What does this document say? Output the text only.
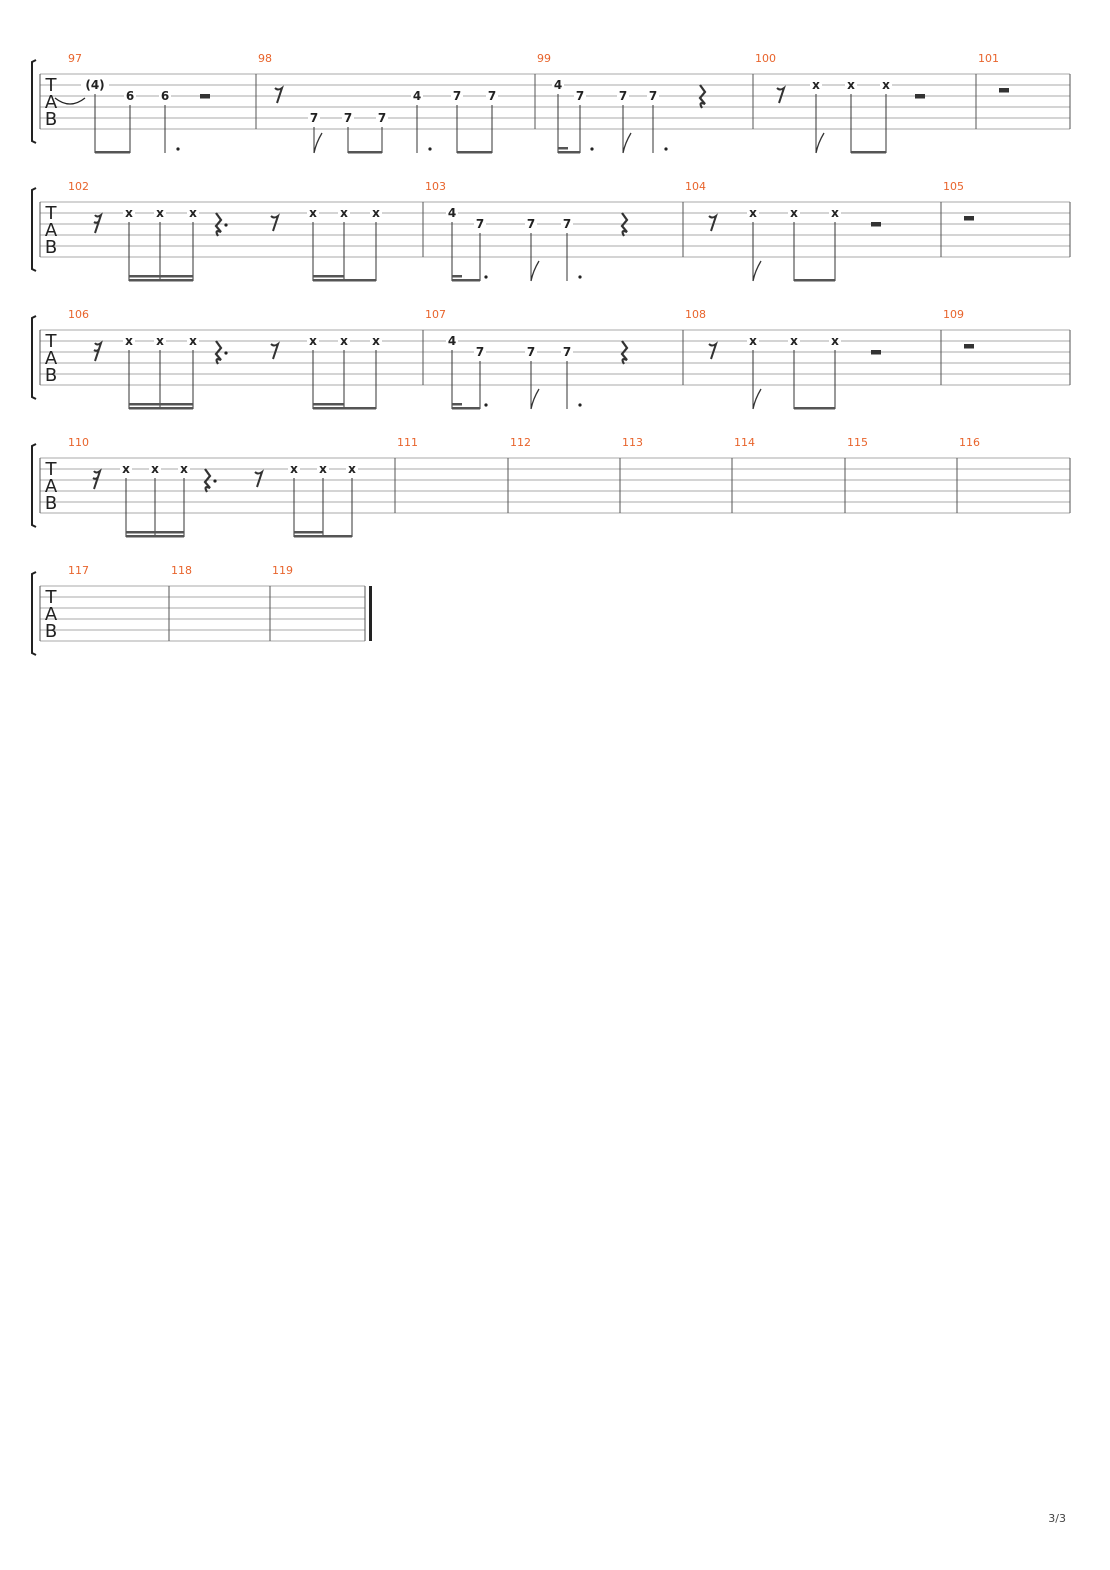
T
A
B
97
(4)
6 6
98
7 7 7
4	7 7
99
4
7	7 7
100
x x x
101
T
A
B
102
x x x	x x x
103
4
7	7 7
104
x	x	x
105
T
A
B
106
x x x	x x x
107
4
7	7 7
108
x	x	x
109
T
A
B
110
x x x	x x x
111	112	113	114	115	116
T
A
B
117	118	119
3/3
